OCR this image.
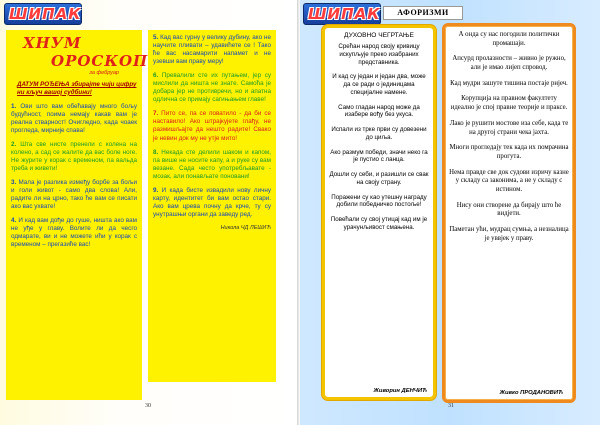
ШИПАК
ХНУМ
ОРОСКОП
за фебруар
ДАТУМ РОЂЕЊА збирајте чији цифру ни кључ вашој судбини!
1. Ови што вам обећавају много бољу будућност, поима немају какав вам је реалнa стварност! Очигледно, када чоаек прогледа, мирније спава!
2. Шта све нисте пренели с колена на колено, а сад се жалите да вас боле ноге. Не журите у корак с временом, па вальда треба и живети!
3. Мала је разлика између борбе за бољи и голи живот - само два слова! Али, радите ли на црно, тако ће вам се писати ако вас ухвате!
4. И кад вам дође до гуше, ништа ако вам не уђе у главу. Волите ли да чесго одмарате, ви и не можете ићи у корак с временом – прегазиће вас!
5. Кад вас гурну у велику дубину, ако не научите пливати – удавићете се ! Тако ће вас насамарити напамет и не узевши вам праву меру!
6. Превалили сте их путањем, јер су мислили да ништа не знате. Самоћа је добара јер не противречи, но и апатна одлична се примају сагињањем главе!
7. Пито се, па се поватило - да би се наставило! Ако штрајкујете глађу, не размишљајте да нешто радите! Свако је невин док му не утје мито!
8. Некада сте делили шаком и капом, па више не носите капу, а и руке су вам везане. Сада често употребљавате - мозак, али понављате поновани!
9. И када бисте извадили нову личну карту, идентитет би вам остао стари. Ако вам црева почну да крче, ту су унутрашњи органи да заведу ред.
Никола ЧД ЛЕШИЋ
30
ШИПАК	АФОРИЗМИ
ДУХОВНО ЧЕГРТАЊЕ
Срећан народ своју кривицу искупљује преко изабраних представника.
И кад су један и један два, може да се ради о јединицама специјалне намене.
Само гладан народ може да изабере вођу без укуса.
Испали из трке први су довезени до циља.
Ако размум победи, значи неко га је пустио с ланца.
Дошли су себи, и разишли се свак на своју страну.
Поражени су као утешну награду добили победничко постоље!
Повећали су свој утицај кад им је урачунљивост смањена.
Живорин ДЕНЧИЋ
А онда су нас погодили политички промашаји.
Апсурд пролазности – живно је ружно, али је имао лијеп спровод.
Кад мудри зашуте тишина постаје ријеч.
Корупција на правном факултету идеално је спој правне теорије и праксе.
Лако је рушити мостове иза себе, када те на другој страни чека јахта.
Многи прогледају тек када их помрачина прогута.
Нема правде све док судови изричу казне у складу са законима, а не у складу с истином.
Нису они створене да бирају што ће видјети.
Паметан ући, мудрац сумња, а незналица је уввјек у праву.
Живко ПРОДАНОВИЋ
31
